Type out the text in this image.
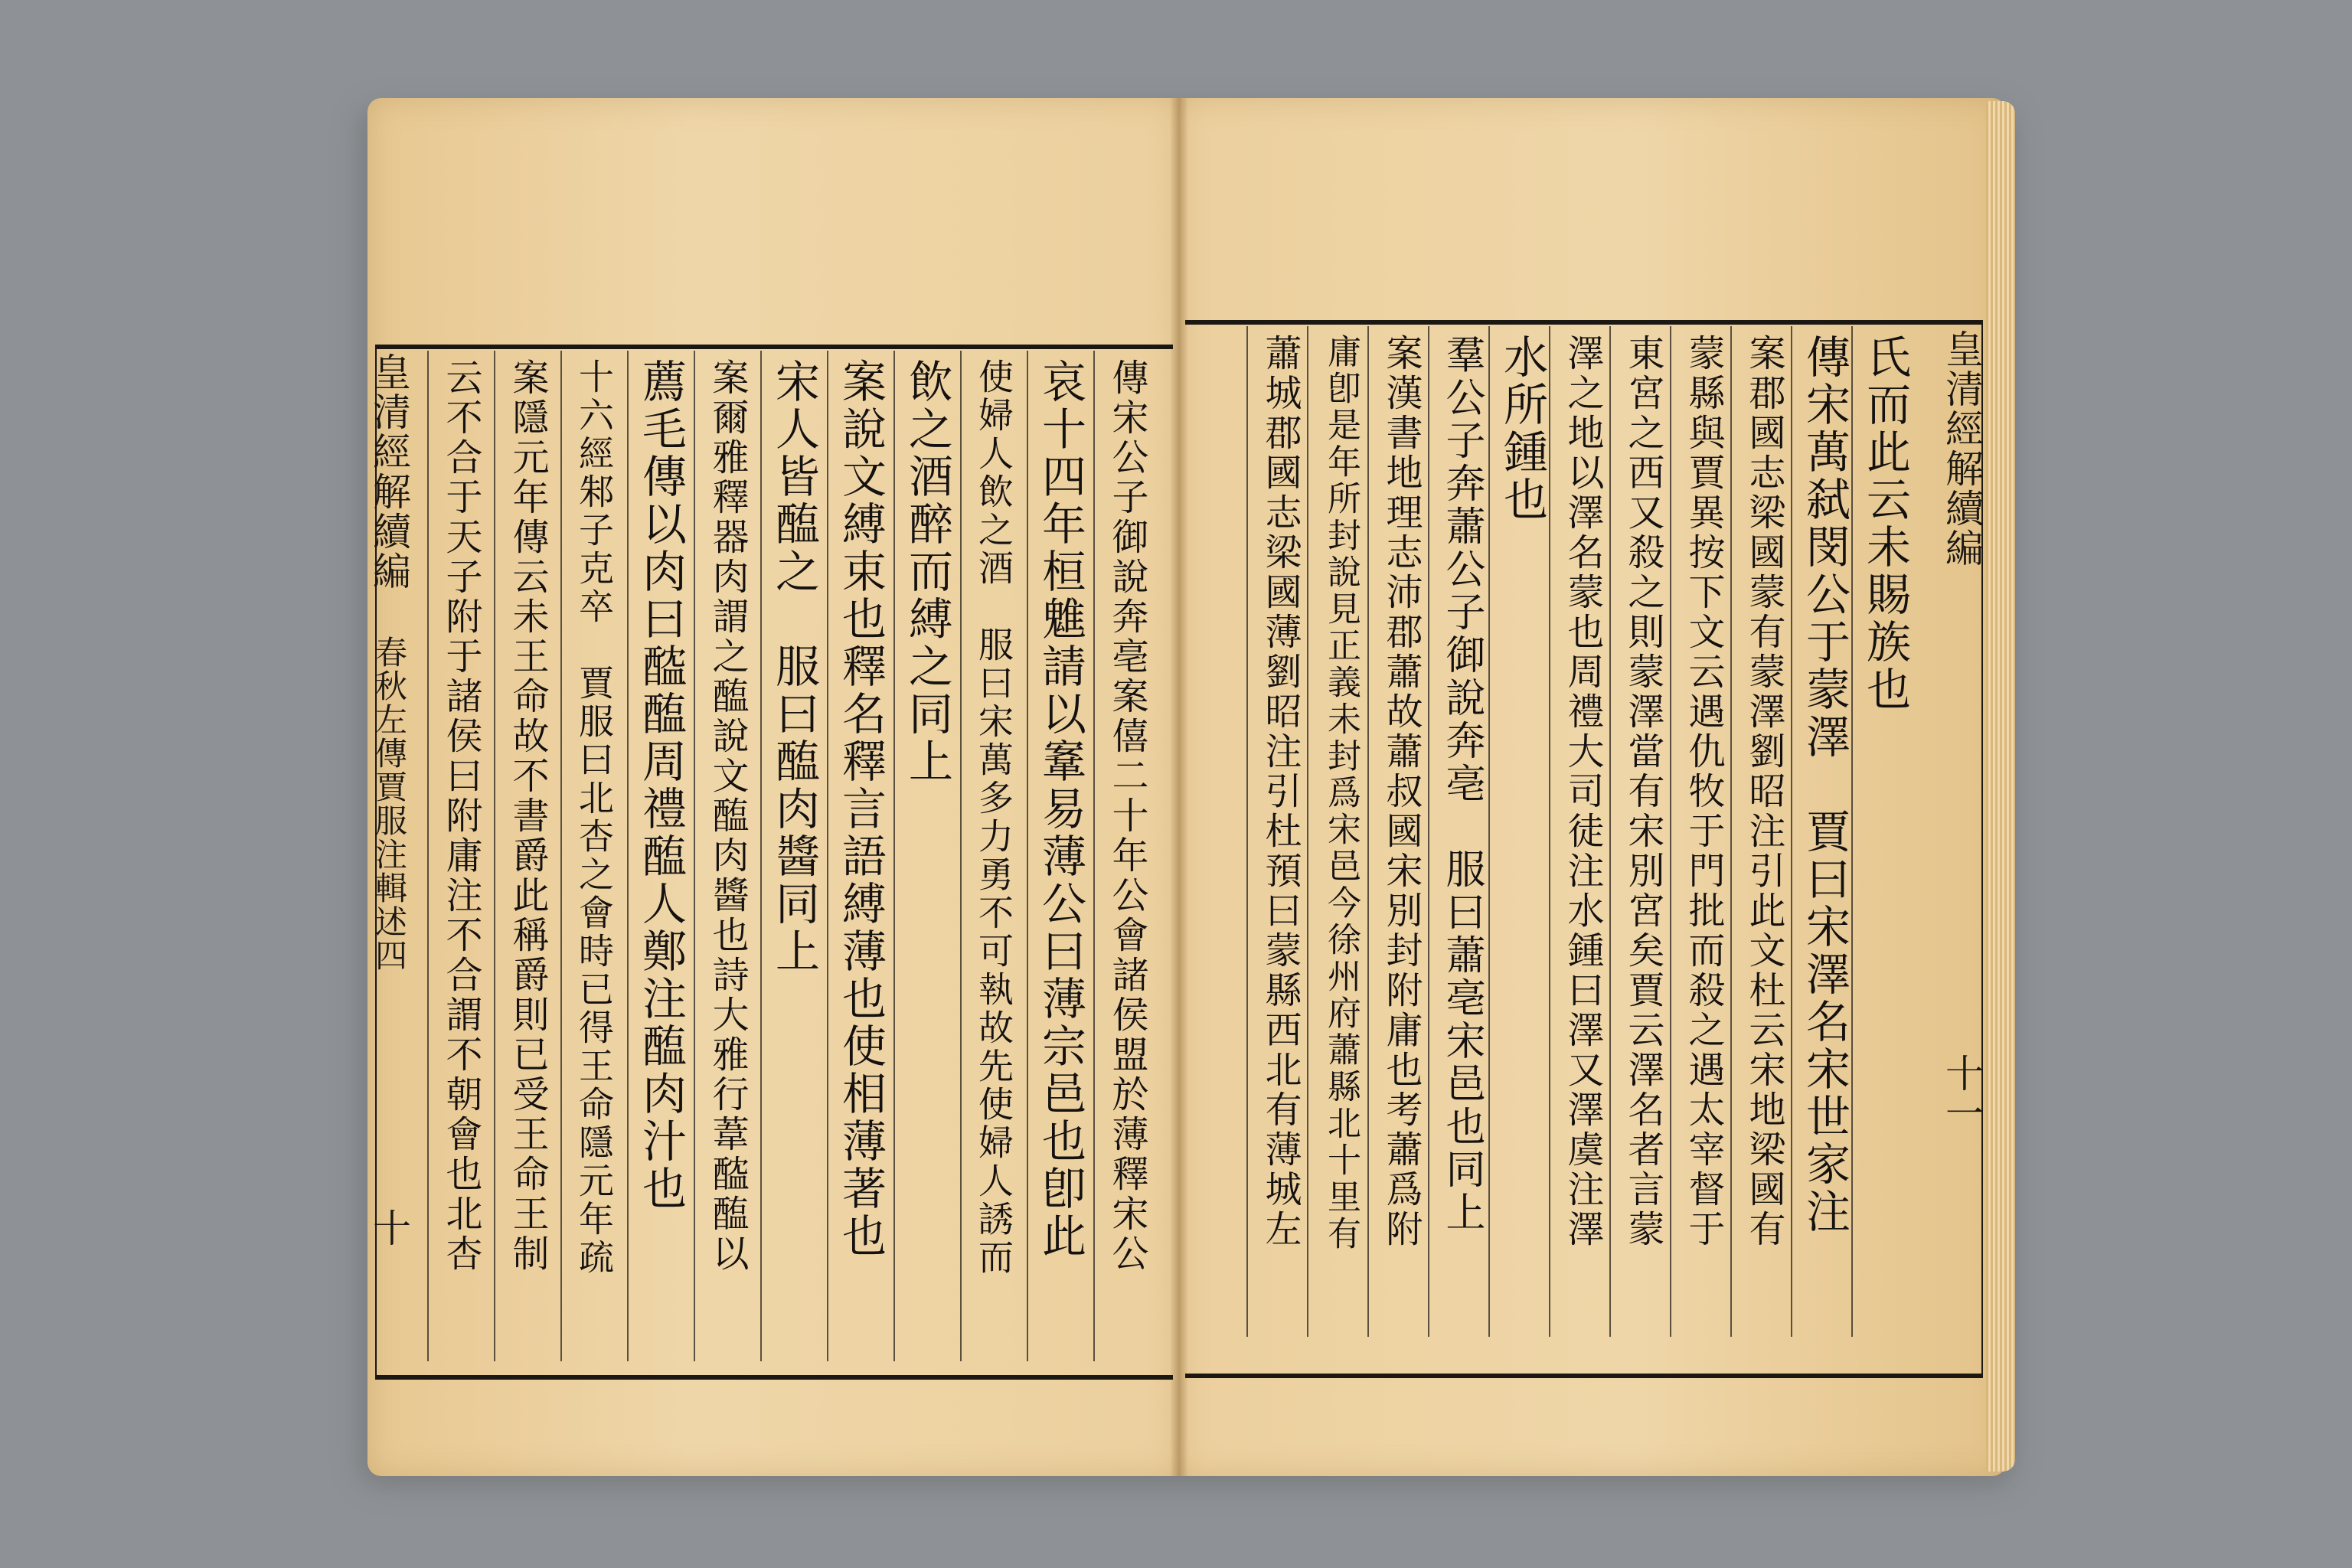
皇清經解續編 春秋左傳賈服注輯述四
十
皇清經解續編
十一
傳宋公子御說奔亳案僖二十年公會諸侯盟於薄釋宋公
哀十四年桓魋請以鞌易薄公曰薄宗邑也卽此
使婦人飲之酒　服曰宋萬多力勇不可執故先使婦人誘而
飲之酒醉而縛之同上
案說文縛束也釋名釋言語縛薄也使相薄著也
宋人皆醢之　服曰醢肉醬同上
案爾雅釋器肉謂之醢說文醢肉醬也詩大雅行葦醓醢以
薦毛傳以肉曰醓醢周禮醢人鄭注醢肉汁也
十六經邾子克卒　賈服曰北杏之會時已得王命隱元年疏
案隱元年傳云未王命故不書爵此稱爵則已受王命王制
云不合于天子附于諸侯曰附庸注不合謂不朝會也北杏	氏而此云未賜族也
傳宋萬弑閔公于蒙澤　賈曰宋澤名宋世家注
案郡國志梁國蒙有蒙澤劉昭注引此文杜云宋地梁國有
蒙縣與賈異按下文云遇仇牧于門批而殺之遇太宰督于
東宮之西又殺之則蒙澤當有宋別宮矣賈云澤名者言蒙
澤之地以澤名蒙也周禮大司徒注水鍾曰澤又澤虞注澤
水所鍾也
羣公子奔蕭公子御說奔亳　服曰蕭亳宋邑也同上
案漢書地理志沛郡蕭故蕭叔國宋別封附庸也考蕭爲附
庸卽是年所封說見正義未封爲宋邑今徐州府蕭縣北十里有
蕭城郡國志梁國薄劉昭注引杜預曰蒙縣西北有薄城左
